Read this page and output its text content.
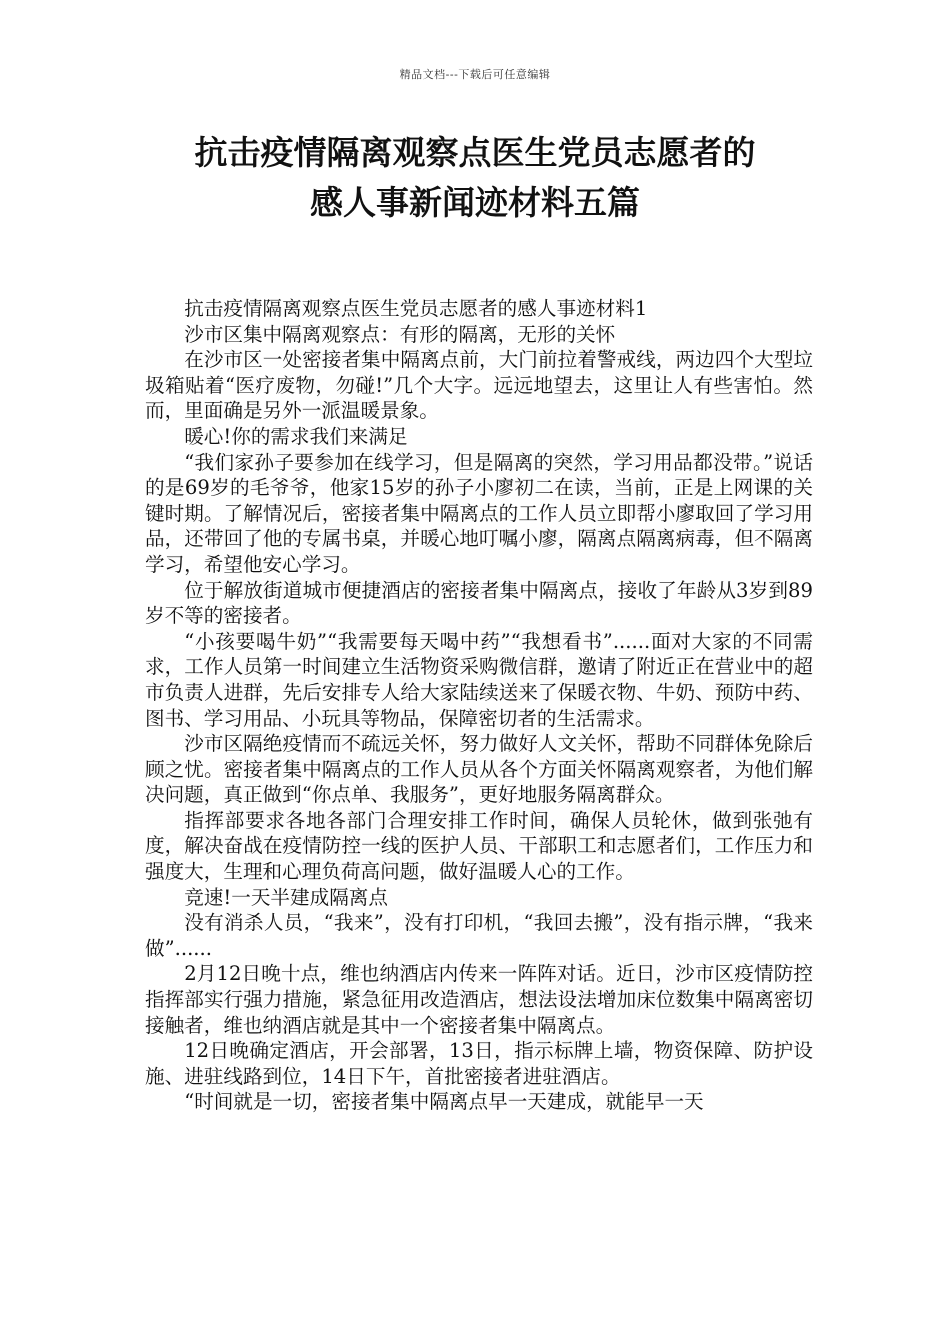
精品文档---下载后可任意编辑
抗击疫情隔离观察点医生党员志愿者的
感人事新闻迹材料五篇

抗击疫情隔离观察点医生党员志愿者的感人事迹材料1

沙市区集中隔离观察点：有形的隔离，无形的关怀

在沙市区一处密接者集中隔离点前，大门前拉着警戒线，两边四个大型垃圾箱贴着“医疗废物，勿碰!”几个大字。远远地望去，这里让人有些害怕。然而，里面确是另外一派温暖景象。

暖心!你的需求我们来满足

“我们家孙子要参加在线学习，但是隔离的突然，学习用品都没带。”说话的是69岁的毛爷爷，他家15岁的孙子小廖初二在读，当前，正是上网课的关键时期。了解情况后，密接者集中隔离点的工作人员立即帮小廖取回了学习用品，还带回了他的专属书桌，并暖心地叮嘱小廖，隔离点隔离病毒，但不隔离学习，希望他安心学习。

位于解放街道城市便捷酒店的密接者集中隔离点，接收了年龄从3岁到89岁不等的密接者。

“小孩要喝牛奶”“我需要每天喝中药”“我想看书”......面对大家的不同需求，工作人员第一时间建立生活物资采购微信群，邀请了附近正在营业中的超市负责人进群，先后安排专人给大家陆续送来了保暖衣物、牛奶、预防中药、图书、学习用品、小玩具等物品，保障密切者的生活需求。

沙市区隔绝疫情而不疏远关怀，努力做好人文关怀，帮助不同群体免除后顾之忧。密接者集中隔离点的工作人员从各个方面关怀隔离观察者，为他们解决问题，真正做到“你点单、我服务”，更好地服务隔离群众。

指挥部要求各地各部门合理安排工作时间，确保人员轮休，做到张弛有度，解决奋战在疫情防控一线的医护人员、干部职工和志愿者们，工作压力和强度大，生理和心理负荷高问题，做好温暖人心的工作。

竞速!一天半建成隔离点

没有消杀人员，“我来”，没有打印机，“我回去搬”，没有指示牌，“我来做”......

2月12日晚十点，维也纳酒店内传来一阵阵对话。近日，沙市区疫情防控指挥部实行强力措施，紧急征用改造酒店，想法设法增加床位数集中隔离密切接触者，维也纳酒店就是其中一个密接者集中隔离点。

12日晚确定酒店，开会部署，13日，指示标牌上墙，物资保障、防护设施、进驻线路到位，14日下午，首批密接者进驻酒店。

“时间就是一切，密接者集中隔离点早一天建成，就能早一天
